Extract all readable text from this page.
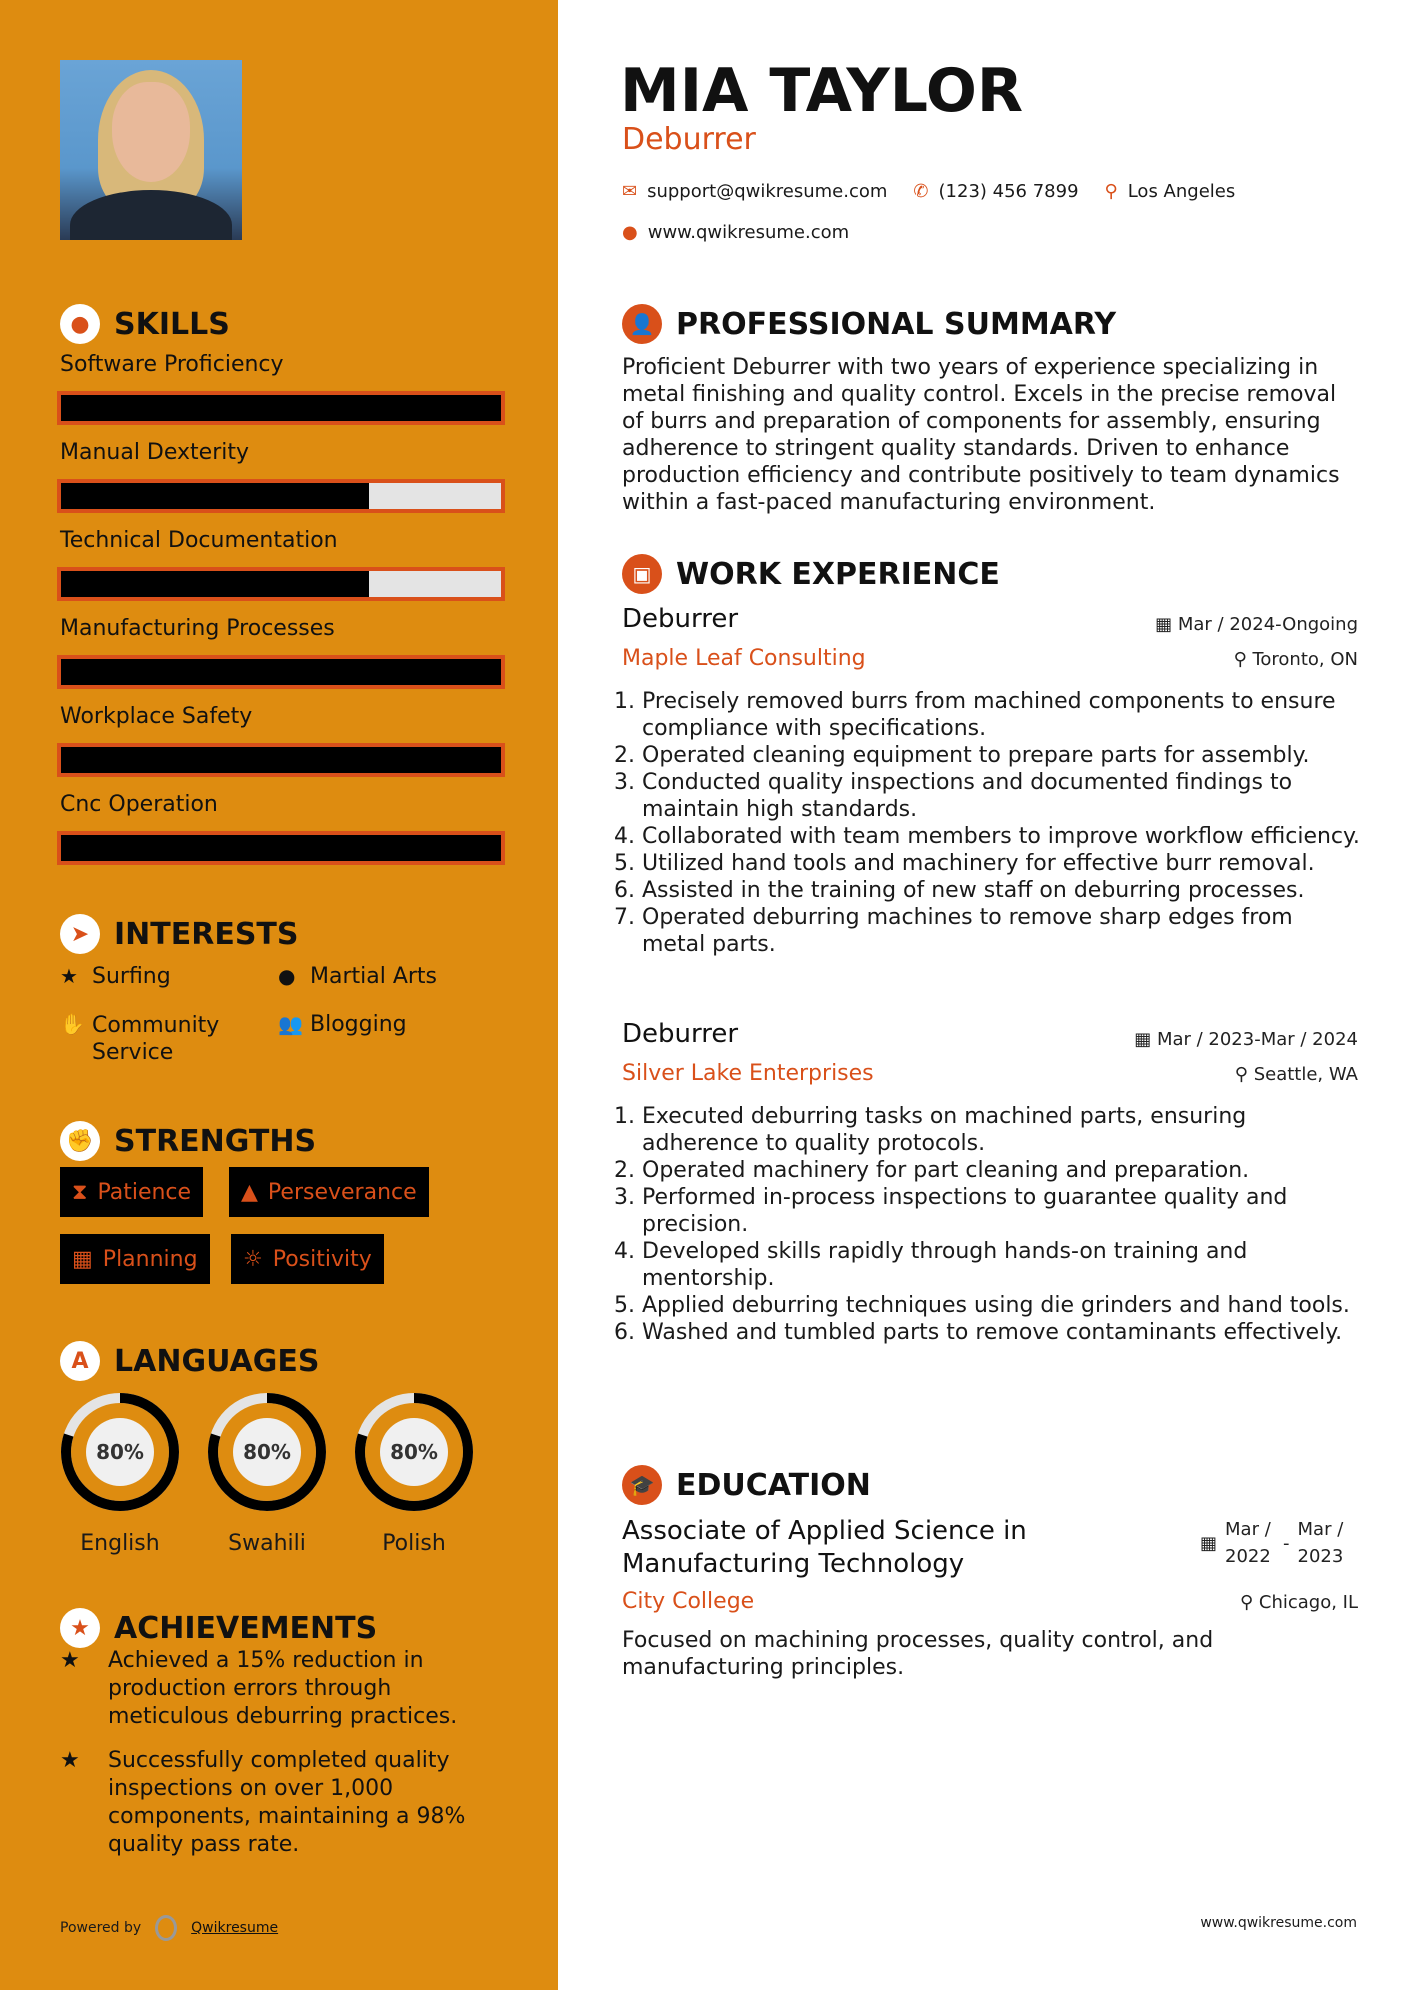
● SKILLS
Software Proficiency
Manual Dexterity
Technical Documentation
Manufacturing Processes
Workplace Safety
Cnc Operation
➤ INTERESTS
★ Surfing	● Martial Arts
✋ Community Service
👥 Blogging
✊ STRENGTHS
⧗ Patience ▲ Perseverance
▦ Planning ☼ Positivity
A LANGUAGES
80%
English
80%
Swahili
80%
Polish
★ ACHIEVEMENTS
★	Achieved a 15% reduction in production errors through meticulous deburring practices.
★	Successfully completed quality inspections on over 1,000 components, maintaining a 98% quality pass rate.
Powered by	Qwikresume	www.qwikresume.com
MIA TAYLOR
Deburrer
✉ support@qwikresume.com ✆ (123) 456 7899 ⚲ Los Angeles
● www.qwikresume.com
👤 PROFESSIONAL SUMMARY
Proficient Deburrer with two years of experience specializing in metal finishing and quality control. Excels in the precise removal of burrs and preparation of components for assembly, ensuring adherence to stringent quality standards. Driven to enhance production efficiency and contribute positively to team dynamics within a fast-paced manufacturing environment.
▣ WORK EXPERIENCE
Deburrer	▦ Mar / 2024-Ongoing
Maple Leaf Consulting	⚲ Toronto, ON
1. Precisely removed burrs from machined components to ensure compliance with specifications.
2. Operated cleaning equipment to prepare parts for assembly.
3. Conducted quality inspections and documented findings to maintain high standards.
4. Collaborated with team members to improve workflow efficiency.
5. Utilized hand tools and machinery for effective burr removal.
6. Assisted in the training of new staff on deburring processes.
7. Operated deburring machines to remove sharp edges from metal parts.
Deburrer	▦ Mar / 2023-Mar / 2024
Silver Lake Enterprises	⚲ Seattle, WA
1. Executed deburring tasks on machined parts, ensuring adherence to quality protocols.
2. Operated machinery for part cleaning and preparation.
3. Performed in-process inspections to guarantee quality and precision.
4. Developed skills rapidly through hands-on training and mentorship.
5. Applied deburring techniques using die grinders and hand tools.
6. Washed and tumbled parts to remove contaminants effectively.
🎓 EDUCATION
Associate of Applied Science in Manufacturing Technology
▦
Mar / 2022
-
Mar / 2023
City College	⚲ Chicago, IL
Focused on machining processes, quality control, and manufacturing principles.
